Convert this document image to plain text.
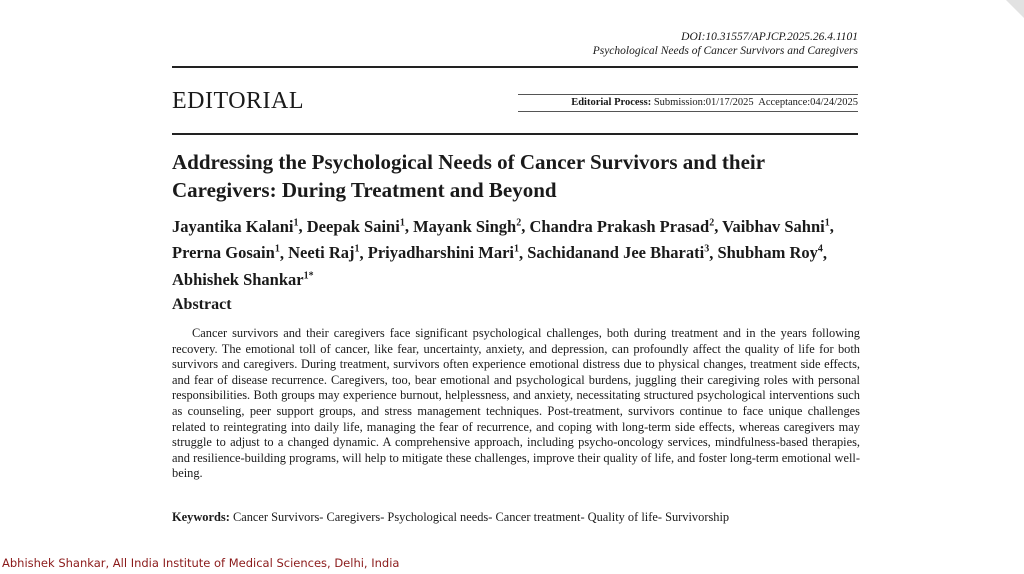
DOI:10.31557/APJCP.2025.26.4.1101
Psychological Needs of Cancer Survivors and Caregivers
EDITORIAL	Editorial Process: Submission:01/17/2025  Acceptance:04/24/2025
Addressing the Psychological Needs of Cancer Survivors and their Caregivers: During Treatment and Beyond
Jayantika Kalani$^1$, Deepak Saini$^1$, Mayank Singh$^2$, Chandra Prakash Prasad$^2$, Vaibhav Sahni$^1$, Prerna Gosain$^1$, Neeti Raj$^1$, Priyadharshini Mari$^1$, Sachidanand Jee Bharati$^3$, Shubham Roy$^4$, Abhishek Shankar$^{1*}$
Abstract

Cancer survivors and their caregivers face significant psychological challenges, both during treatment and in the years following recovery. The emotional toll of cancer, like fear, uncertainty, anxiety, and depression, can profoundly affect the quality of life for both survivors and caregivers. During treatment, survivors often experience emotional distress due to physical changes, treatment side effects, and fear of disease recurrence. Caregivers, too, bear emotional and psychological burdens, juggling their caregiving roles with personal responsibilities. Both groups may experience burnout, helplessness, and anxiety, necessitating structured psychological interventions such as counseling, peer support groups, and stress management techniques. Post-treatment, survivors continue to face unique challenges related to reintegrating into daily life, managing the fear of recurrence, and coping with long-term side effects, whereas caregivers may struggle to adjust to a changed dynamic. A comprehensive approach, including psycho-oncology services, mindfulness-based therapies, and resilience-building programs, will help to mitigate these challenges, improve their quality of life, and foster long-term emotional well-being.

Keywords: Cancer Survivors- Caregivers- Psychological needs- Cancer treatment- Quality of life- Survivorship
Abhishek Shankar, All India Institute of Medical Sciences, Delhi, India
